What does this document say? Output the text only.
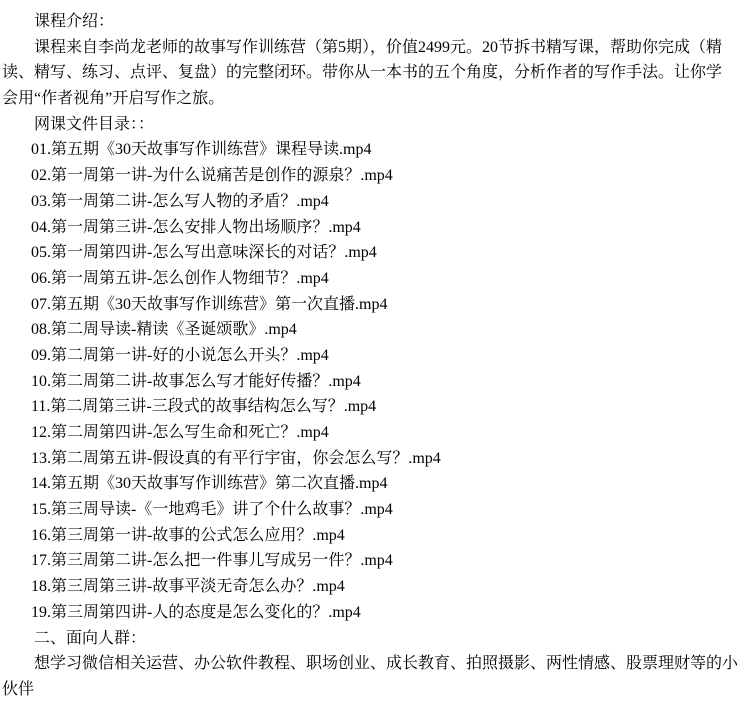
课程介绍：
课程来自李尚龙老师的故事写作训练营（第5期），价值2499元。20节拆书精写课，帮助你完成（精
读、精写、练习、点评、复盘）的完整闭环。带你从一本书的五个角度，分析作者的写作手法。让你学
会用“作者视角”开启写作之旅。
网课文件目录：：
01.第五期《30天故事写作训练营》课程导读.mp4
02.第一周第一讲-为什么说痛苦是创作的源泉？.mp4
03.第一周第二讲-怎么写人物的矛盾？.mp4
04.第一周第三讲-怎么安排人物出场顺序？.mp4
05.第一周第四讲-怎么写出意味深长的对话？.mp4
06.第一周第五讲-怎么创作人物细节？.mp4
07.第五期《30天故事写作训练营》第一次直播.mp4
08.第二周导读-精读《圣诞颂歌》.mp4
09.第二周第一讲-好的小说怎么开头？.mp4
10.第二周第二讲-故事怎么写才能好传播？.mp4
11.第二周第三讲-三段式的故事结构怎么写？.mp4
12.第二周第四讲-怎么写生命和死亡？.mp4
13.第二周第五讲-假设真的有平行宇宙，你会怎么写？.mp4
14.第五期《30天故事写作训练营》第二次直播.mp4
15.第三周导读-《一地鸡毛》讲了个什么故事？.mp4
16.第三周第一讲-故事的公式怎么应用？.mp4
17.第三周第二讲-怎么把一件事儿写成另一件？.mp4
18.第三周第三讲-故事平淡无奇怎么办？.mp4
19.第三周第四讲-人的态度是怎么变化的？.mp4
二、面向人群：
想学习微信相关运营、办公软件教程、职场创业、成长教育、拍照摄影、两性情感、股票理财等的小
伙伴
